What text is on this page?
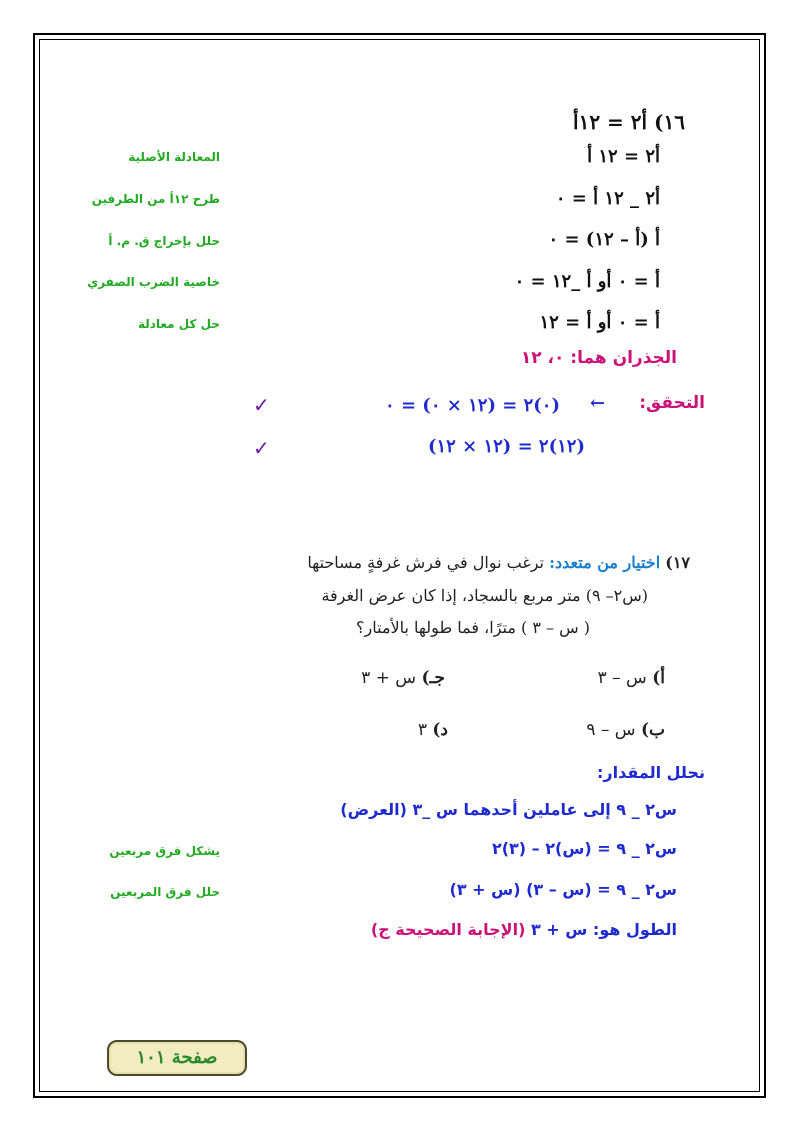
١٦) أ٢ = ١٢أ
أ٢ = ١٢ أ
المعادلة الأصلية
أ٢ _ ١٢ أ = ٠
طرح ١٢أ من الطرفين
أ (أ – ١٢) = ٠
حلل بإخراج ق. م. أ
أ = ٠ أو أ _١٢ = ٠
خاصية الضرب الصفري
أ = ٠ أو أ = ١٢
حل كل معادلة
الجذران هما: ٠، ١٢
التحقق:
←
(٠)٢ = (١٢ × ٠) = ٠
✓
(١٢)٢ = (١٢ × ١٢)
✓
١٧) اختيار من متعدد: ترغب نوال في فرش غرفةٍ مساحتها
(س٢– ٩) متر مربع بالسجاد، إذا كان عرض الغرفة
( س – ٣ ) مترًا، فما طولها بالأمتار؟
أ) س – ٣
جـ) س + ٣
ب) س – ٩
د) ٣
نحلل المقدار:
س٢ _ ٩ إلى عاملين أحدهما س _٣ (العرض)
س٢ _ ٩ = (س)٢ – (٣)٢
يشكل فرق مربعين
س٢ _ ٩ = (س – ٣) (س + ٣)
حلل فرق المربعين
الطول هو: س + ٣ (الإجابة الصحيحة ج)
صفحة ١٠١
